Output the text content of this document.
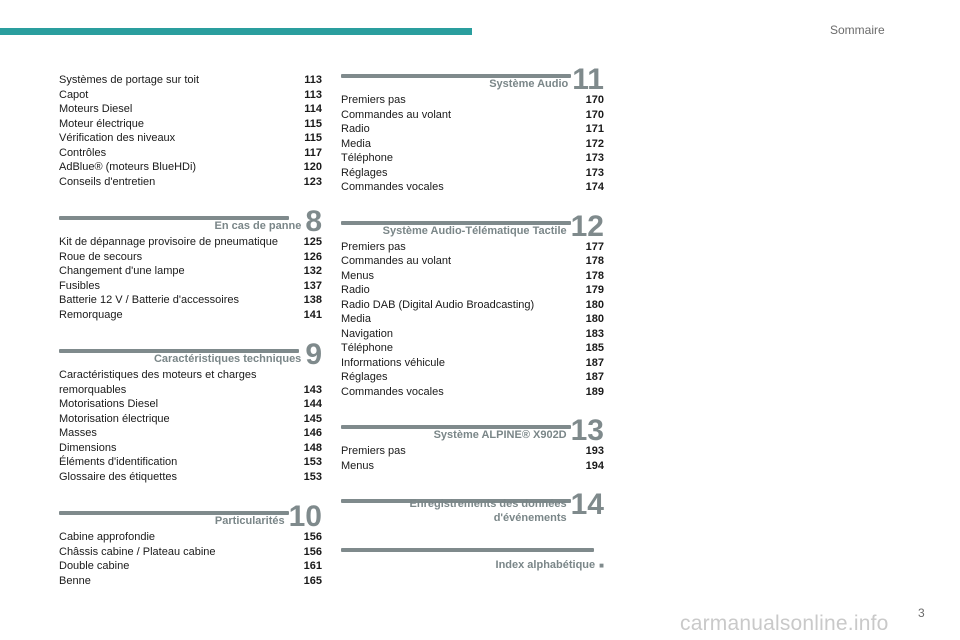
Sommaire
Systèmes de portage sur toit	113
Capot	113
Moteurs Diesel	114
Moteur électrique	115
Vérification des niveaux	115
Contrôles	117
AdBlue® (moteurs BlueHDi)	120
Conseils d'entretien	123
En cas de panne 8
Kit de dépannage provisoire de pneumatique	125
Roue de secours	126
Changement d'une lampe	132
Fusibles	137
Batterie 12 V / Batterie d'accessoires	138
Remorquage	141
Caractéristiques techniques 9
Caractéristiques des moteurs et charges remorquables	143
Motorisations Diesel	144
Motorisation électrique	145
Masses	146
Dimensions	148
Éléments d'identification	153
Glossaire des étiquettes	153
Particularités 10
Cabine approfondie	156
Châssis cabine / Plateau cabine	156
Double cabine	161
Benne	165
Système Audio 11
Premiers pas	170
Commandes au volant	170
Radio	171
Media	172
Téléphone	173
Réglages	173
Commandes vocales	174
Système Audio-Télématique Tactile 12
Premiers pas	177
Commandes au volant	178
Menus	178
Radio	179
Radio DAB (Digital Audio Broadcasting)	180
Media	180
Navigation	183
Téléphone	185
Informations véhicule	187
Réglages	187
Commandes vocales	189
Système ALPINE® X902D 13
Premiers pas	193
Menus	194
Enregistrements des données
d'événements 14
Index alphabétique ■
carmanualsonline.info 3
